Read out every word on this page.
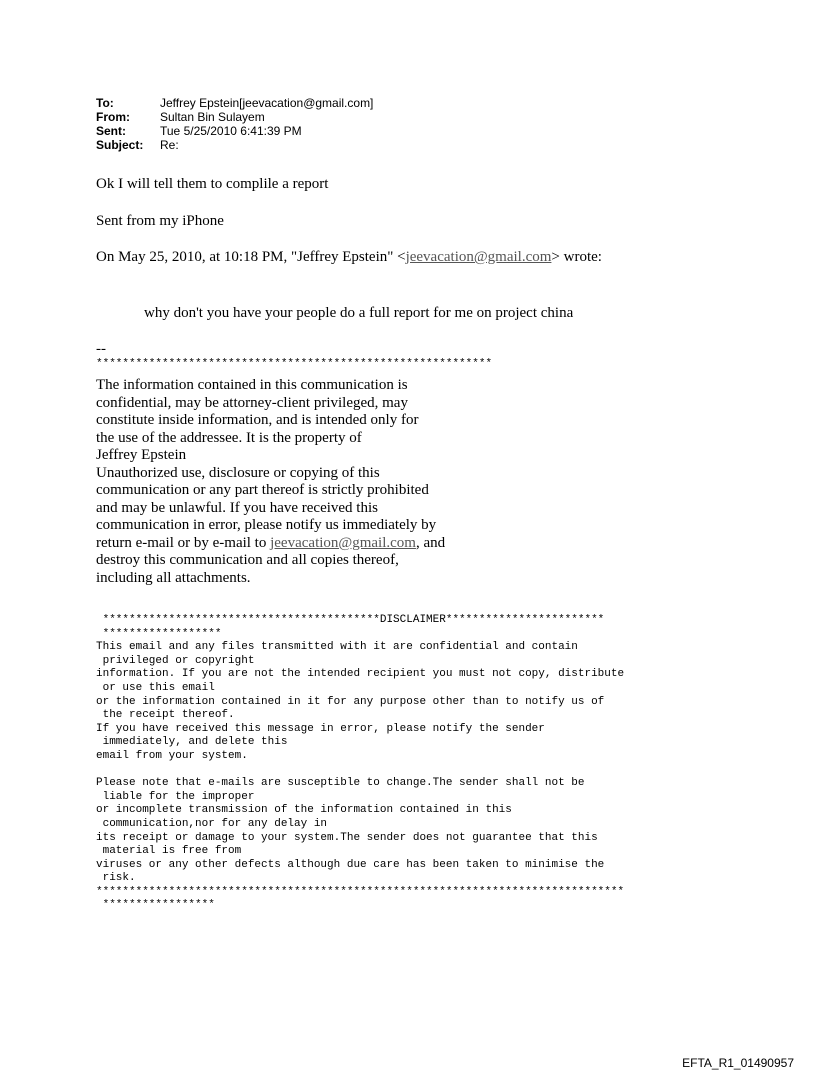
To:	Jeffrey Epstein[jeevacation@gmail.com]
From:	Sultan Bin Sulayem
Sent:	Tue 5/25/2010 6:41:39 PM
Subject:	Re:
Ok I will tell them to complile a report
Sent from my iPhone
On May 25, 2010, at 10:18 PM, "Jeffrey Epstein" <jeevacation@gmail.com> wrote:
why don't you have your people do a full report for me on project china
--
************************************************************
The information contained in this communication is
confidential, may be attorney-client privileged, may
constitute inside information, and is intended only for
the use of the addressee. It is the property of
Jeffrey Epstein
Unauthorized use, disclosure or copying of this
communication or any part thereof is strictly prohibited
and may be unlawful. If you have received this
communication in error, please notify us immediately by
return e-mail or by e-mail to jeevacation@gmail.com, and
destroy this communication and all copies thereof,
including all attachments.
******************************************DISCLAIMER************************
******************
This email and any files transmitted with it are confidential and contain
privileged or copyright
information. If you are not the intended recipient you must not copy, distribute
or use this email
or the information contained in it for any purpose other than to notify us of
the receipt thereof.
If you have received this message in error, please notify the sender
immediately, and delete this
email from your system.
Please note that e-mails are susceptible to change.The sender shall not be
liable for the improper
or incomplete transmission of the information contained in this
communication,nor for any delay in
its receipt or damage to your system.The sender does not guarantee that this
material is free from
viruses or any other defects although due care has been taken to minimise the
risk.
********************************************************************************
*****************
EFTA_R1_01490957
